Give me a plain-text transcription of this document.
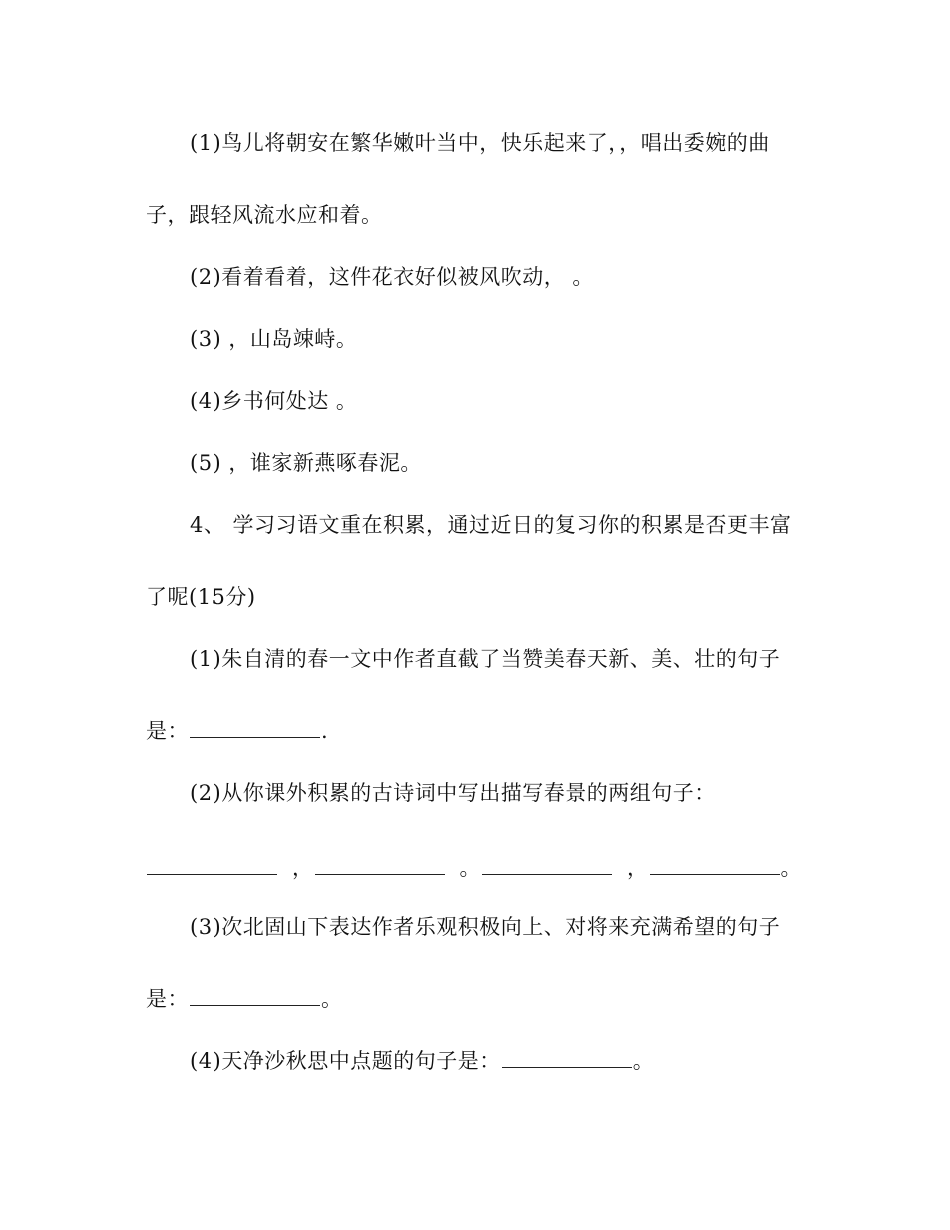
(1)鸟儿将朝安在繁华嫩叶当中，快乐起来了，，唱出委婉的曲
子，跟轻风流水应和着。
(2)看着看着，这件花衣好似被风吹动， 。
(3) ，山岛竦峙。
(4)乡书何处达 。
(5) ，谁家新燕啄春泥。
4、 学习习语文重在积累，通过近日的复习你的积累是否更丰富
了呢(15分)
(1)朱自清的春一文中作者直截了当赞美春天新、美、壮的句子
是：	.
(2)从你课外积累的古诗词中写出描写春景的两组句子：
，	。	，	。
(3)次北固山下表达作者乐观积极向上、对将来充满希望的句子
是：	。
(4)天净沙秋思中点题的句子是：	。
